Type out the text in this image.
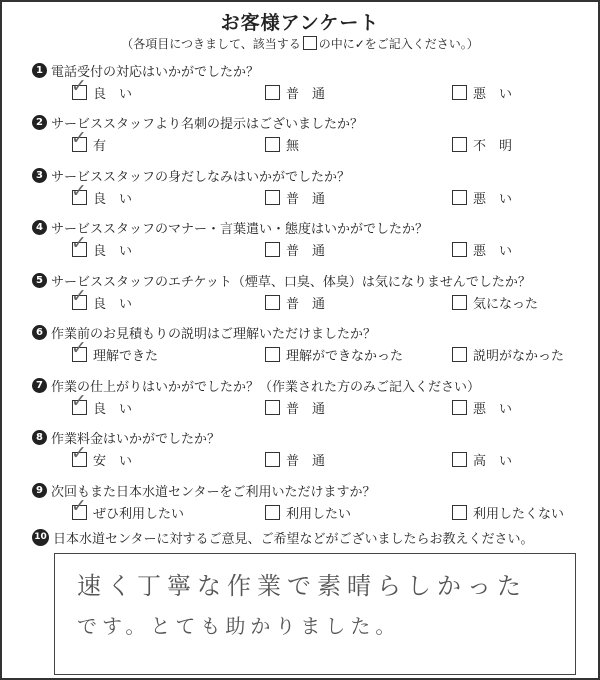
お客様アンケート
（各項目につきまして、該当する の中に✓をご記入ください。）
1 電話受付の対応はいかがでしたか？
✓ 良　い	普　通	悪　い
2 サービススタッフより名刺の提示はございましたか？
✓ 有	無	不　明
3 サービススタッフの身だしなみはいかがでしたか？
✓ 良　い	普　通	悪　い
4 サービススタッフのマナー・言葉遣い・態度はいかがでしたか？
✓ 良　い	普　通	悪　い
5 サービススタッフのエチケット（煙草、口臭、体臭）は気になりませんでしたか？
✓ 良　い	普　通	気になった
6 作業前のお見積もりの説明はご理解いただけましたか？
✓ 理解できた	理解ができなかった	説明がなかった
7 作業の仕上がりはいかがでしたか？（作業された方のみご記入ください）
✓ 良　い	普　通	悪　い
8 作業料金はいかがでしたか？
✓ 安　い	普　通	高　い
9 次回もまた日本水道センターをご利用いただけますか？
✓ ぜひ利用したい	利用したい	利用したくない
10 日本水道センターに対するご意見、ご希望などがございましたらお教えください。
速く丁寧な作業で素晴らしかった
です。とても助かりました。
